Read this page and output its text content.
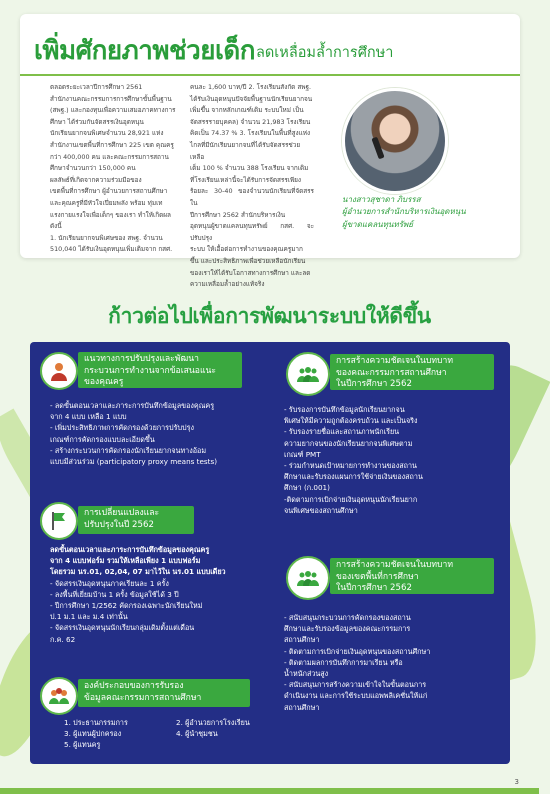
เพิ่มศักยภาพช่วยเด็ก ลดเหลื่อมล้ำการศึกษา

ตลอดระยะเวลาปีการศึกษา 2561

สำนักงานคณะกรรมการการศึกษาขั้นพื้นฐาน

(สพฐ.) และกองทุนเพื่อความเสมอภาคทางการ

ศึกษา ได้ร่วมกันจัดสรรเงินอุดหนุน

นักเรียนยากจนพิเศษจำนวน 28,921 แห่ง

สำนักงานเขตพื้นที่การศึกษา 225 เขต คุณครู

กว่า 400,000 คน และคณะกรรมการสถาน

ศึกษาจำนวนกว่า 150,000 คน

ผลลัพธ์ที่เกิดจากความร่วมมือของ

เขตพื้นที่การศึกษา ผู้อำนวยการสถานศึกษา

และคุณครูที่มีหัวใจเปี่ยมพลัง พร้อม ทุ่มเท

แรงกายแรงใจเพื่อเด็กๆ ของเรา ทำให้เกิดผล

ดังนี้

1. นักเรียนยากจนพิเศษของ สพฐ. จำนวน

510,040 ได้รับเงินอุดหนุนเพิ่มเติมจาก กสศ.

คนละ 1,600 บาท/ปี 2. โรงเรียนสังกัด สพฐ.

ได้รับเงินอุดหนุนปัจจัยพื้นฐานนักเรียนยากจน

เพิ่มขึ้น จากหลักเกณฑ์เดิม ระบบใหม่ เป็น

จัดสรรรายบุคคล) จำนวน 21,983 โรงเรียน

คิดเป็น 74.37 % 3. โรงเรียนในพื้นที่สูงแห่ง

ไกลที่มีนักเรียนยากจนที่ได้รับจัดสรรช่วยเหลือ

เต็ม 100 % จำนวน 388 โรงเรียน จากเดิม

ที่โรงเรียนเหล่านี้จะได้รับการจัดสรรเพียง

ร้อยละ 30-40 ของจำนวนนักเรียนที่จัดสรรใน

ปีการศึกษา 2562 สำนักบริหารเงิน

อุดหนุนผู้ขาดแคลนทุนทรัพย์ กสศ. จะปรับปรุง

ระบบ ให้เอื้อต่อการทำงานของคุณครูมาก

ขึ้น และประสิทธิภาพเพื่อช่วยเหลือนักเรียน

ของเราให้ได้รับโอกาสทางการศึกษา และลด

ความเหลื่อมล้ำอย่างแท้จริง

นางสาวสุชาดา ภิบรรส
ผู้อำนวยการสำนักบริหารเงินอุดหนุน
ผู้ขาดแคลนทุนทรัพย์
ก้าวต่อไปเพื่อการพัฒนาระบบให้ดีขึ้น
แนวทางการปรับปรุงและพัฒนา
กระบวนการทำงานจากข้อเสนอแนะ
ของคุณครู
- ลดขั้นตอนเวลาและภาระการบันทึกข้อมูลของคุณครู
จาก 4 แบบ เหลือ 1 แบบ
- เพิ่มประสิทธิภาพการคัดกรองด้วยการปรับปรุง
เกณฑ์การคัดกรองแบบละเอียดขึ้น
- สร้างกระบวนการคัดกรองนักเรียนยากจนทางอ้อม
แบบมีส่วนร่วม (participatory proxy means tests)
การเปลี่ยนแปลงและ
ปรับปรุงในปี 2562
ลดขั้นตอนเวลาและภาระการบันทึกข้อมูลของคุณครู
จาก 4 แบบฟอร์ม รวมให้เหลือเพียง 1 แบบฟอร์ม
โดยรวม นร.01, 02,04, 07 มาไว้ใน นร.01 แบบเดียว
- จัดสรรเงินอุดหนุนภาคเรียนละ 1 ครั้ง
- ลงพื้นที่เยี่ยมบ้าน 1 ครั้ง ข้อมูลใช้ได้ 3 ปี
- ปีการศึกษา 1/2562 คัดกรองเฉพาะนักเรียนใหม่
ป.1 ม.1 และ ม.4 เท่านั้น
- จัดสรรเงินอุดหนุนนักเรียนกลุ่มเดิมตั้งแต่เดือน
ก.ค. 62
องค์ประกอบของการรับรอง
ข้อมูลคณะกรรมการสถานศึกษา
1. ประธานกรรมการ	2. ผู้อำนวยการโรงเรียน
3. ผู้แทนผู้ปกครอง	4. ผู้นำชุมชน
5. ผู้แทนครู
การสร้างความชัดเจนในบทบาท
ของคณะกรรมการสถานศึกษา
ในปีการศึกษา 2562
- รับรองการบันทึกข้อมูลนักเรียนยากจน
พิเศษให้มีความถูกต้องครบถ้วน และเป็นจริง
- รับรองรายชื่อและสถานภาพนักเรียน
ความยากจนของนักเรียนยากจนพิเศษตาม
เกณฑ์ PMT
- ร่วมกำหนดเป้าหมายการทำงานของสถาน
ศึกษาและรับรองแผนการใช้จ่ายเงินของสถาน
ศึกษา (ก.001)
-ติดตามการเบิกจ่ายเงินอุดหนุนนักเรียนยาก
จนพิเศษของสถานศึกษา
การสร้างความชัดเจนในบทบาท
ของเขตพื้นที่การศึกษา
ในปีการศึกษา 2562
- สนับสนุนกระบวนการคัดกรองของสถาน
ศึกษาและรับรองข้อมูลของคณะกรรมการ
สถานศึกษา
- ติดตามการเบิกจ่ายเงินอุดหนุนของสถานศึกษา
- ติดตามผลการบันทึกการมาเรียน หรือ
น้ำหนักส่วนสูง
- สนับสนุนการสร้างความเข้าใจในขั้นตอนการ
ดำเนินงาน และการใช้ระบบแอพพลิเคชั่นให้แก่
สถานศึกษา
3
